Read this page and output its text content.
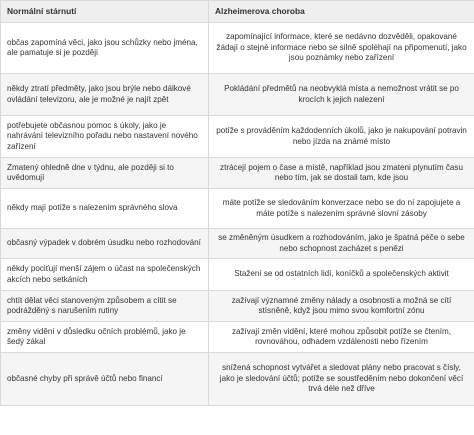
Normální stárnutí	Alzheimerova choroba
občas zapomíná věci, jako jsou schůzky nebo jména, ale pamatuje si je později	zapomínající informace, které se nedávno dozvěděli, opakované žádají o stejné informace nebo se silně spoléhají na připomenutí, jako jsou poznámky nebo zařízení
někdy ztratí předměty, jako jsou brýle nebo dálkové ovládání televizoru, ale je možné je najít zpět	Pokládání předmětů na neobvyklá místa a nemožnost vrátit se po krocích k jejich nalezení
potřebujete občasnou pomoc s úkoly, jako je nahrávání televizního pořadu nebo nastavení nového zařízení	potíže s prováděním každodenních úkolů, jako je nakupování potravin nebo jízda na známé místo
Zmatený ohledně dne v týdnu, ale později si to uvědomují	ztrácejí pojem o čase a místě, například jsou zmateni plynutím času nebo tím, jak se dostali tam, kde jsou
někdy mají potíže s nalezením správného slova	máte potíže se sledováním konverzace nebo se do ní zapojujete a máte potíže s nalezením správné slovní zásoby
občasný výpadek v dobrém úsudku nebo rozhodování	se změněným úsudkem a rozhodováním, jako je špatná péče o sebe nebo schopnost zacházet s penězi
někdy pociťují menší zájem o účast na společenských akcích nebo setkáních	Stažení se od ostatních lidí, koníčků a společenských aktivit
chtít dělat věci stanoveným způsobem a cítit se podrážděný s narušením rutiny	zažívají významné změny nálady a osobnosti a možná se cítí stísněně, když jsou mimo svou komfortní zónu
změny vidění v důsledku očních problémů, jako je šedý zákal	zažívají změn vidění, které mohou způsobit potíže se čtením, rovnováhou, odhadem vzdálenosti nebo řízením
občasné chyby při správě účtů nebo financí	snížená schopnost vytvářet a sledovat plány nebo pracovat s čísly, jako je sledování účtů; potíže se soustředěním nebo dokončení věcí trvá déle než dříve
